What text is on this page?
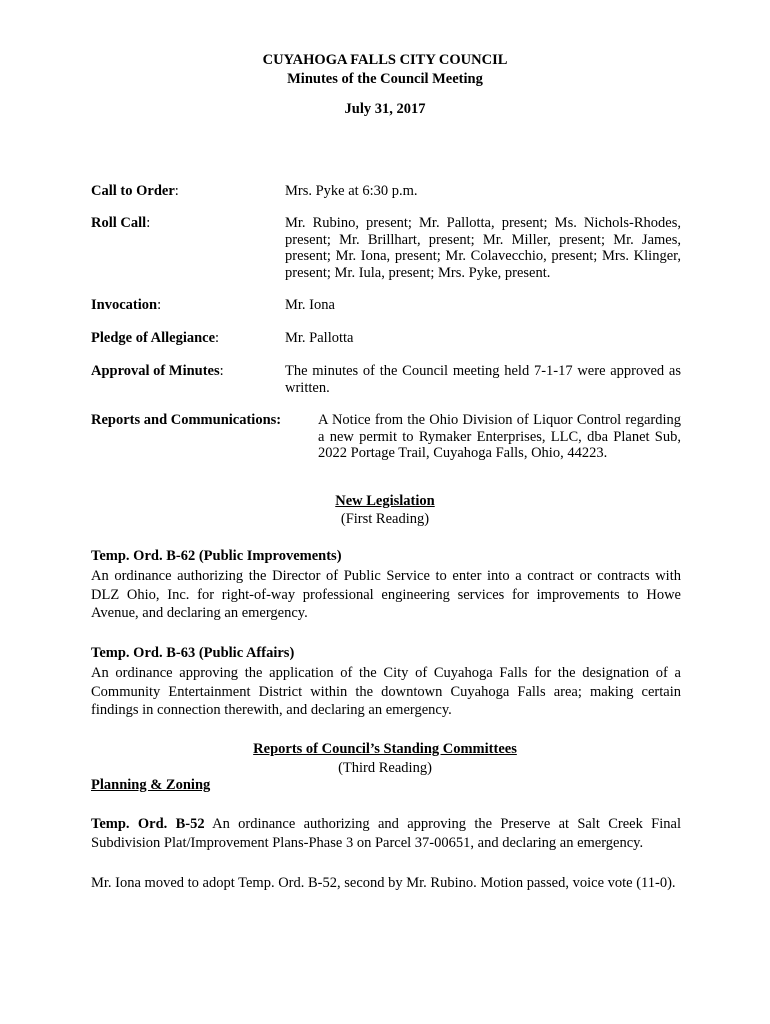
CUYAHOGA FALLS CITY COUNCIL
Minutes of the Council Meeting
July 31, 2017
Call to Order:	Mrs. Pyke at 6:30 p.m.
Roll Call:	Mr. Rubino, present; Mr. Pallotta, present; Ms. Nichols-Rhodes, present; Mr. Brillhart, present; Mr. Miller, present; Mr. James, present; Mr. Iona, present; Mr. Colavecchio, present; Mrs. Klinger, present; Mr. Iula, present; Mrs. Pyke, present.
Invocation:	Mr. Iona
Pledge of Allegiance:	Mr. Pallotta
Approval of Minutes:	The minutes of the Council meeting held 7-1-17 were approved as written.
Reports and Communications:	A Notice from the Ohio Division of Liquor Control regarding a new permit to Rymaker Enterprises, LLC, dba Planet Sub, 2022 Portage Trail, Cuyahoga Falls, Ohio, 44223.
New Legislation
(First Reading)
Temp. Ord. B-62 (Public Improvements)
An ordinance authorizing the Director of Public Service to enter into a contract or contracts with DLZ Ohio, Inc. for right-of-way professional engineering services for improvements to Howe Avenue, and declaring an emergency.
Temp. Ord. B-63 (Public Affairs)
An ordinance approving the application of the City of Cuyahoga Falls for the designation of a Community Entertainment District within the downtown Cuyahoga Falls area; making certain findings in connection therewith, and declaring an emergency.
Reports of Council’s Standing Committees
(Third Reading)
Planning & Zoning
Temp. Ord. B-52 An ordinance authorizing and approving the Preserve at Salt Creek Final Subdivision Plat/Improvement Plans-Phase 3 on Parcel 37-00651, and declaring an emergency.
Mr. Iona moved to adopt Temp. Ord. B-52, second by Mr. Rubino. Motion passed, voice vote (11-0).
